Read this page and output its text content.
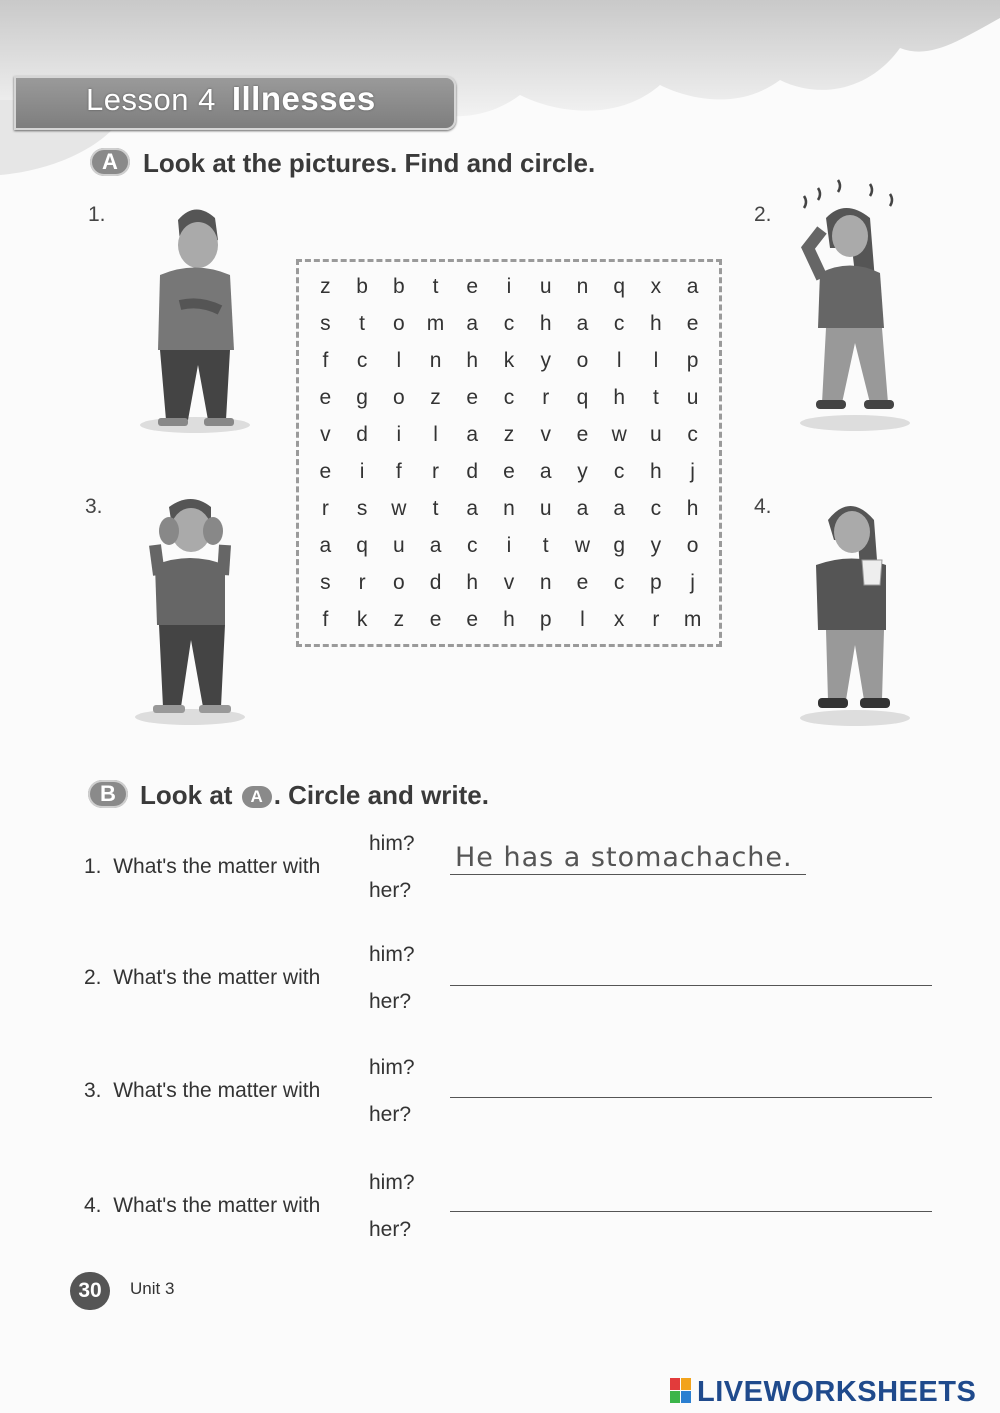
Lesson 4 Illnesses
A Look at the pictures. Find and circle.
1.	2.
3.	4.
z	b	b	t	e	i	u	n	q	x	a
s	t	o	m	a	c	h	a	c	h	e
f	c	l	n	h	k	y	o	l	l	p
e	g	o	z	e	c	r	q	h	t	u
v	d	i	l	a	z	v	e	w	u	c
e	i	f	r	d	e	a	y	c	h	j
r	s	w	t	a	n	u	a	a	c	h
a	q	u	a	c	i	t	w	g	y	o
s	r	o	d	h	v	n	e	c	p	j
f	k	z	e	e	h	p	l	x	r	m
B Look at A . Circle and write.
1. What's the matter with
him?
her?
He has a stomachache.
2. What's the matter with
him?
her?
3. What's the matter with
him?
her?
4. What's the matter with
him?
her?
30	Unit 3
LIVEWORKSHEETS
